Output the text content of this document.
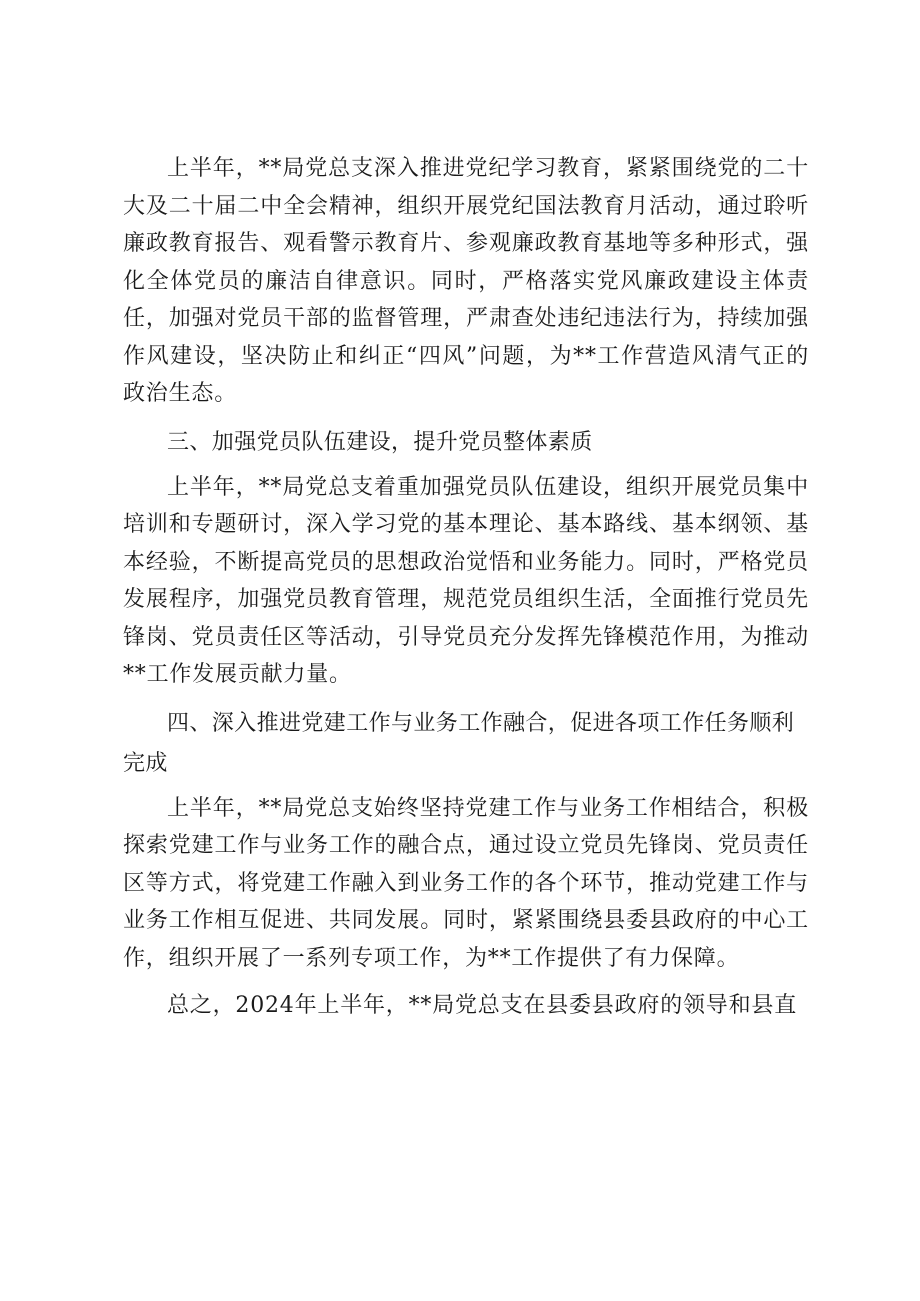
上半年，**局党总支深入推进党纪学习教育，紧紧围绕党的二十大及二十届二中全会精神，组织开展党纪国法教育月活动，通过聆听廉政教育报告、观看警示教育片、参观廉政教育基地等多种形式，强化全体党员的廉洁自律意识。同时，严格落实党风廉政建设主体责任，加强对党员干部的监督管理，严肃查处违纪违法行为，持续加强作风建设，坚决防止和纠正“四风”问题，为**工作营造风清气正的政治生态。

三、加强党员队伍建设，提升党员整体素质

上半年，**局党总支着重加强党员队伍建设，组织开展党员集中培训和专题研讨，深入学习党的基本理论、基本路线、基本纲领、基本经验，不断提高党员的思想政治觉悟和业务能力。同时，严格党员发展程序，加强党员教育管理，规范党员组织生活，全面推行党员先锋岗、党员责任区等活动，引导党员充分发挥先锋模范作用，为推动**工作发展贡献力量。

四、深入推进党建工作与业务工作融合，促进各项工作任务顺利完成

上半年，**局党总支始终坚持党建工作与业务工作相结合，积极探索党建工作与业务工作的融合点，通过设立党员先锋岗、党员责任区等方式，将党建工作融入到业务工作的各个环节，推动党建工作与业务工作相互促进、共同发展。同时，紧紧围绕县委县政府的中心工作，组织开展了一系列专项工作，为**工作提供了有力保障。

总之，2024年上半年，**局党总支在县委县政府的领导和县直
